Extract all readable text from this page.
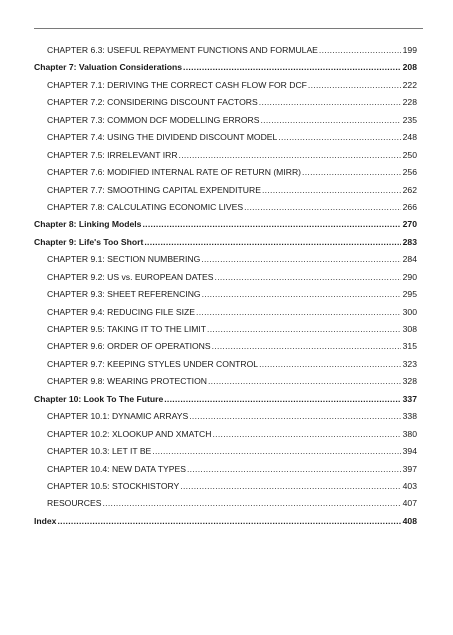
CHAPTER 6.3: USEFUL REPAYMENT FUNCTIONS AND FORMULAE .....	199
Chapter 7: Valuation Considerations .....	208
CHAPTER 7.1: DERIVING THE CORRECT CASH FLOW FOR DCF .....	222
CHAPTER 7.2: CONSIDERING DISCOUNT FACTORS .....	228
CHAPTER 7.3: COMMON DCF MODELLING ERRORS .....	235
CHAPTER 7.4: USING THE DIVIDEND DISCOUNT MODEL .....	248
CHAPTER 7.5: IRRELEVANT IRR .....	250
CHAPTER 7.6: MODIFIED INTERNAL RATE OF RETURN (MIRR) .....	256
CHAPTER 7.7: SMOOTHING CAPITAL EXPENDITURE .....	262
CHAPTER 7.8: CALCULATING ECONOMIC LIVES .....	266
Chapter 8: Linking Models .....	270
Chapter 9: Life's Too Short .....	283
CHAPTER 9.1: SECTION NUMBERING .....	284
CHAPTER 9.2: US vs. EUROPEAN DATES .....	290
CHAPTER 9.3: SHEET REFERENCING .....	295
CHAPTER 9.4: REDUCING FILE SIZE .....	300
CHAPTER 9.5: TAKING IT TO THE LIMIT .....	308
CHAPTER 9.6: ORDER OF OPERATIONS .....	315
CHAPTER 9.7: KEEPING STYLES UNDER CONTROL .....	323
CHAPTER 9.8: WEARING PROTECTION .....	328
Chapter 10: Look To The Future .....	337
CHAPTER 10.1: DYNAMIC ARRAYS .....	338
CHAPTER 10.2: XLOOKUP AND XMATCH .....	380
CHAPTER 10.3: LET IT BE .....	394
CHAPTER 10.4: NEW DATA TYPES .....	397
CHAPTER 10.5: STOCKHISTORY .....	403
RESOURCES .....	407
Index .....	408
